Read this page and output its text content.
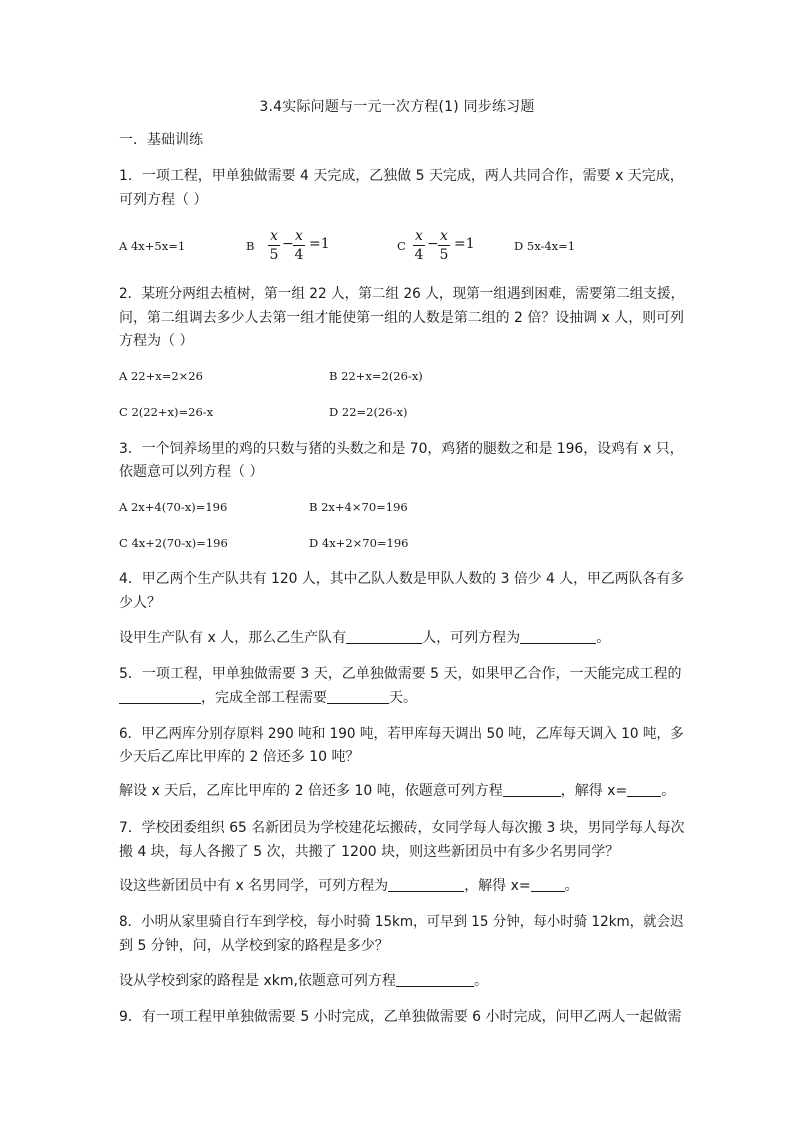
3.4实际问题与一元一次方程(1) 同步练习题
一．基础训练
1．一项工程，甲单独做需要 4 天完成，乙独做 5 天完成，两人共同合作，需要 x 天完成，
可列方程（ ）
A 4x+5x=1	B
x
5
− x
4
=1	C
x
4
− x
5
=1	D 5x-4x=1
2．某班分两组去植树，第一组 22 人，第二组 26 人，现第一组遇到困难，需要第二组支援，
问，第二组调去多少人去第一组才能使第一组的人数是第二组的 2 倍？设抽调 x 人，则可列
方程为（ ）
A 22+x=2×26	B 22+x=2(26-x)
C 2(22+x)=26-x	D 22=2(26-x)
3．一个饲养场里的鸡的只数与猪的头数之和是 70，鸡猪的腿数之和是 196，设鸡有 x 只，
依题意可以列方程（ ）
A 2x+4(70-x)=196	B 2x+4×70=196
C 4x+2(70-x)=196	D 4x+2×70=196
4．甲乙两个生产队共有 120 人，其中乙队人数是甲队人数的 3 倍少 4 人，甲乙两队各有多
少人？
设甲生产队有 x 人，那么乙生产队有	人，可列方程为	。
5．一项工程，甲单独做需要 3 天，乙单独做需要 5 天，如果甲乙合作，一天能完成工程的
，完成全部工程需要	天。
6．甲乙两库分别存原料 290 吨和 190 吨，若甲库每天调出 50 吨，乙库每天调入 10 吨，多
少天后乙库比甲库的 2 倍还多 10 吨？
解设 x 天后，乙库比甲库的 2 倍还多 10 吨，依题意可列方程	，解得 x= 。
7．学校团委组织 65 名新团员为学校建花坛搬砖，女同学每人每次搬 3 块，男同学每人每次
搬 4 块，每人各搬了 5 次，共搬了 1200 块，则这些新团员中有多少名男同学？
设这些新团员中有 x 名男同学，可列方程为	，解得 x= 。
8．小明从家里骑自行车到学校，每小时骑 15km，可早到 15 分钟，每小时骑 12km，就会迟
到 5 分钟，问，从学校到家的路程是多少？
设从学校到家的路程是 xkm,依题意可列方程	。
9．有一项工程甲单独做需要 5 小时完成，乙单独做需要 6 小时完成，问甲乙两人一起做需
